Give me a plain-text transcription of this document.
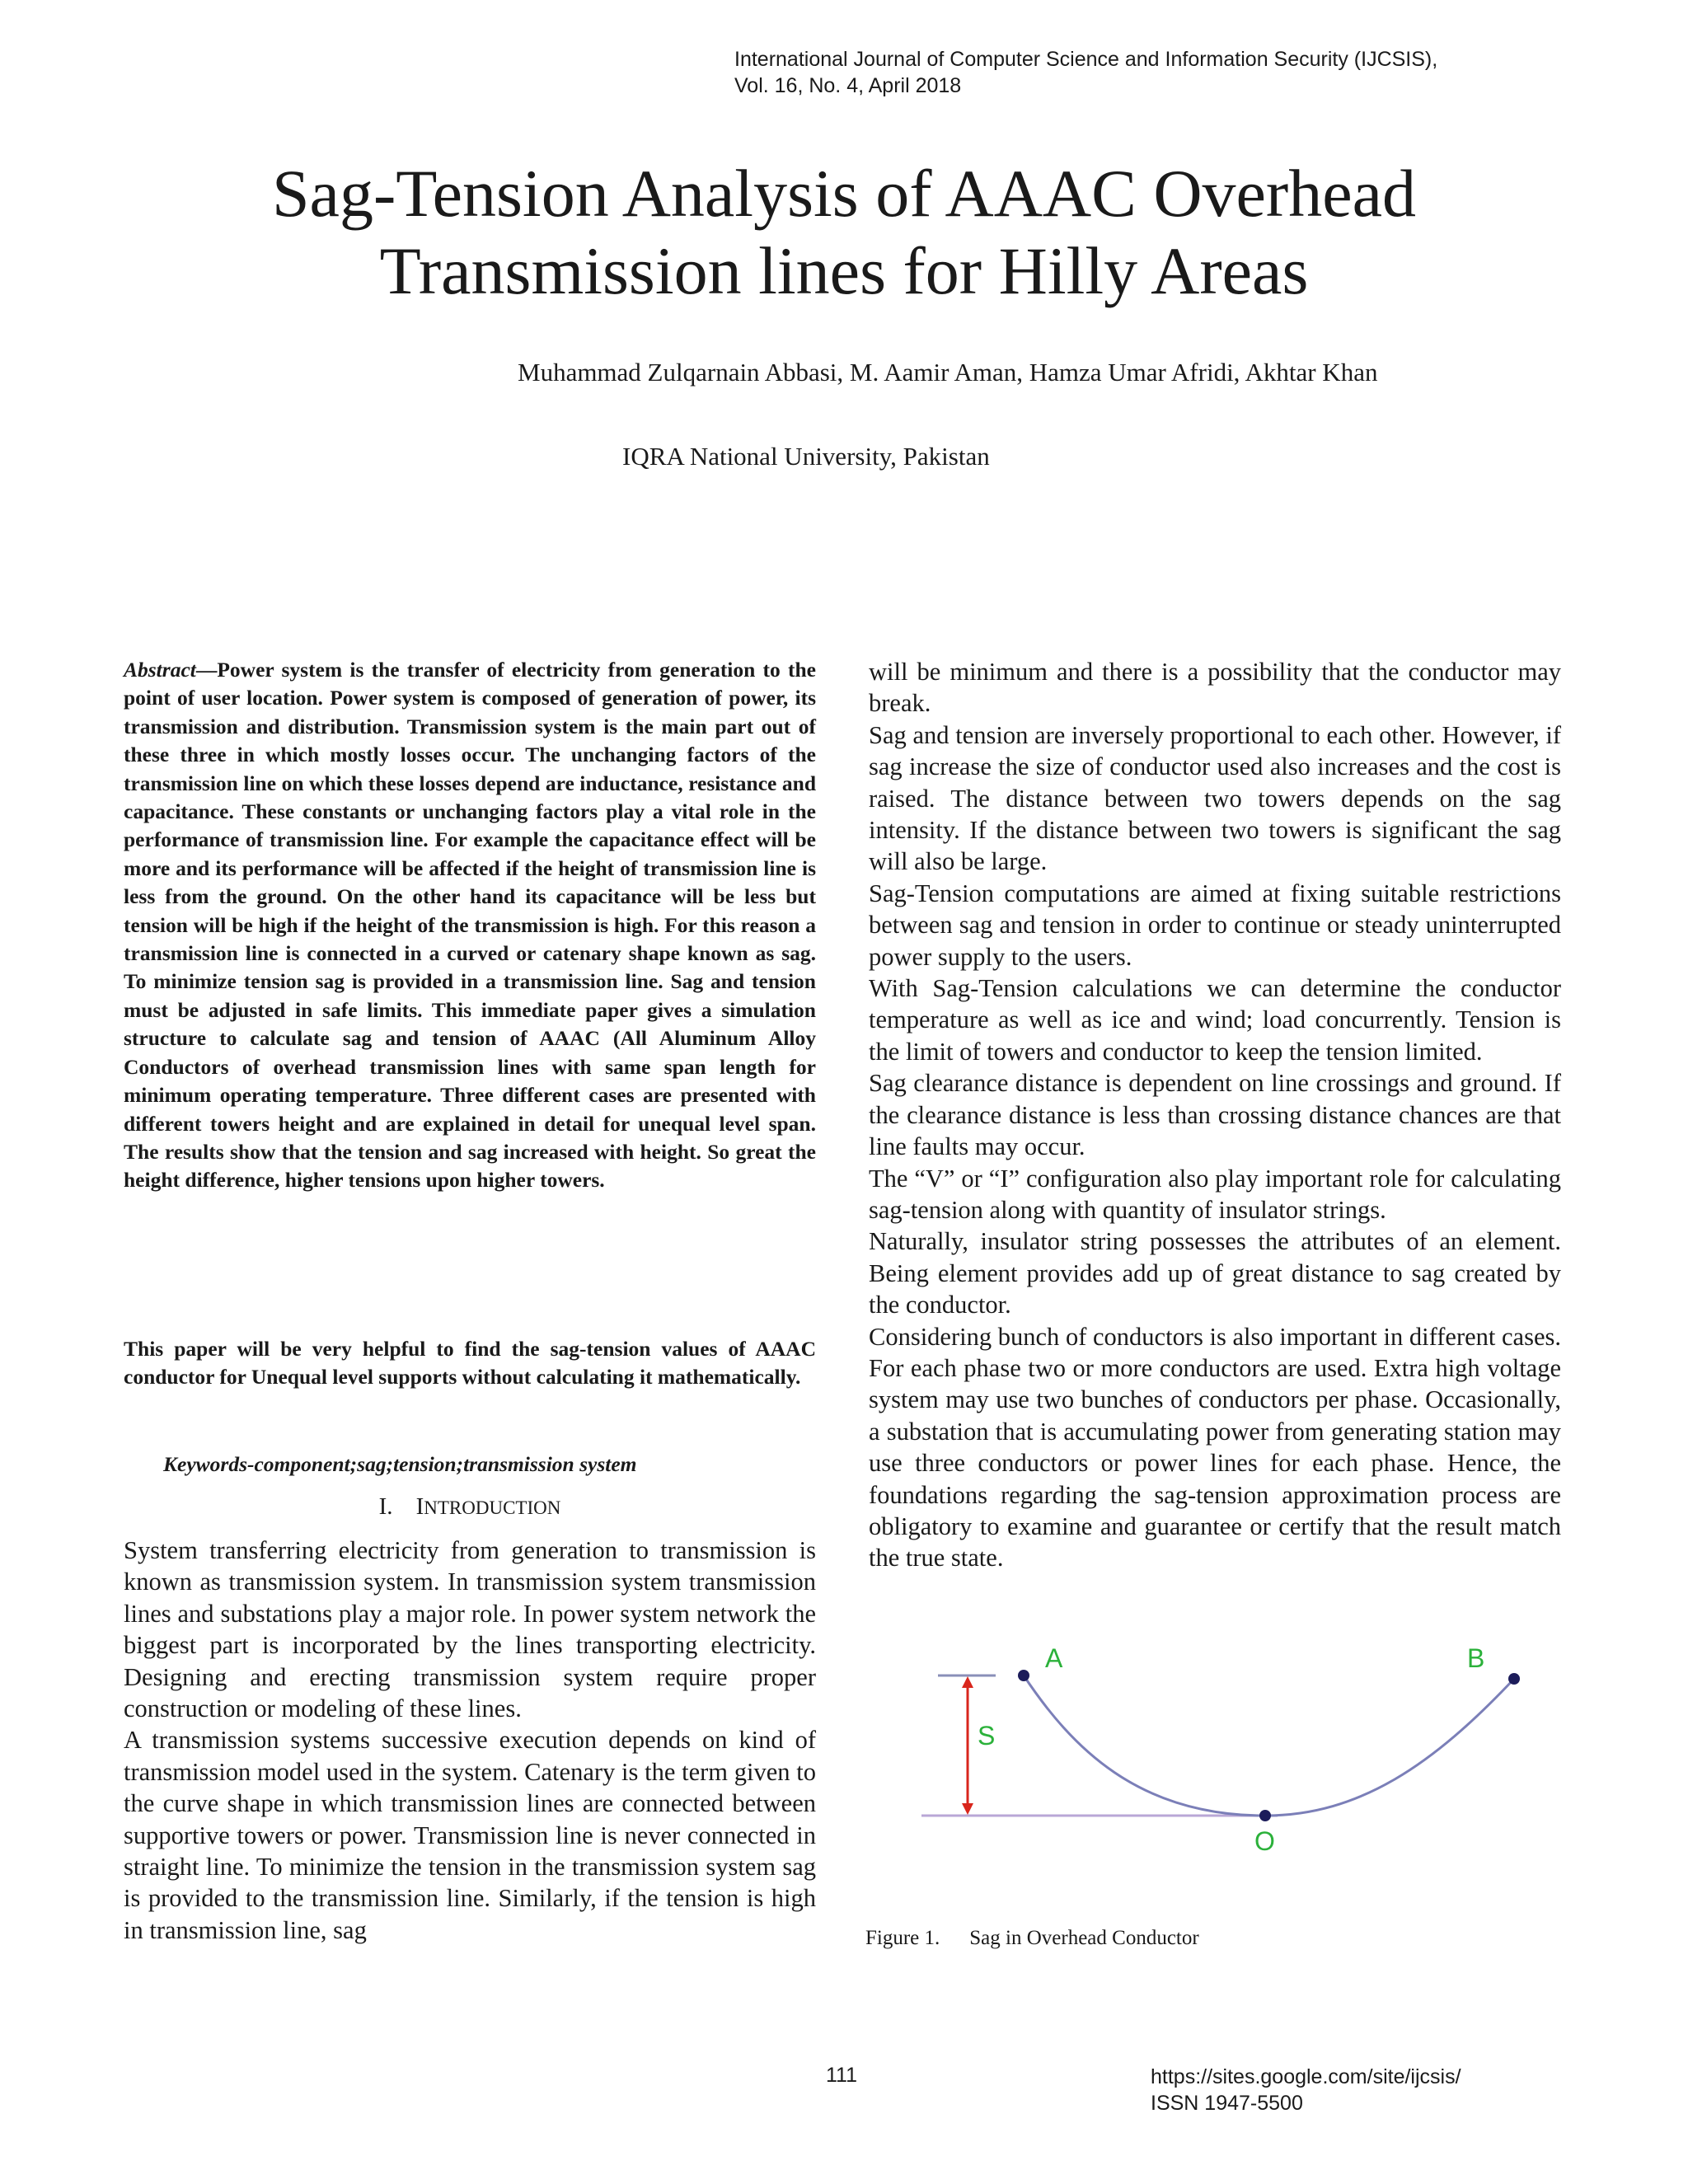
International Journal of Computer Science and Information Security (IJCSIS),
Vol. 16, No. 4, April 2018
Sag-Tension Analysis of AAAC Overhead
Transmission lines for Hilly Areas
Muhammad Zulqarnain Abbasi, M. Aamir Aman, Hamza Umar Afridi, Akhtar Khan
IQRA National University, Pakistan

Abstract—Power system is the transfer of electricity from generation to the point of user location. Power system is composed of generation of power, its transmission and distribution. Transmission system is the main part out of these three in which mostly losses occur. The unchanging factors of the transmission line on which these losses depend are inductance, resistance and capacitance. These constants or unchanging factors play a vital role in the performance of transmission line. For example the capacitance effect will be more and its performance will be affected if the height of transmission line is less from the ground. On the other hand its capacitance will be less but tension will be high if the height of the transmission is high. For this reason a transmission line is connected in a curved or catenary shape known as sag. To minimize tension sag is provided in a transmission line. Sag and tension must be adjusted in safe limits. This immediate paper gives a simulation structure to calculate sag and tension of AAAC (All Aluminum Alloy Conductors of overhead transmission lines with same span length for minimum operating temperature. Three different cases are presented with different towers height and are explained in detail for unequal level span. The results show that the tension and sag increased with height. So great the height difference, higher tensions upon higher towers.

This paper will be very helpful to find the sag-tension values of AAAC conductor for Unequal level supports without calculating it mathematically.

Keywords-component;sag;tension;transmission system
I. INTRODUCTION

System transferring electricity from generation to transmission is known as transmission system. In transmission system transmission lines and substations play a major role. In power system network the biggest part is incorporated by the lines transporting electricity. Designing and erecting transmission system require proper construction or modeling of these lines.

A transmission systems successive execution depends on kind of transmission model used in the system. Catenary is the term given to the curve shape in which transmission lines are connected between supportive towers or power. Transmission line is never connected in straight line. To minimize the tension in the transmission system sag is provided to the transmission line. Similarly, if the tension is high in transmission line, sag

will be minimum and there is a possibility that the conductor may break.

Sag and tension are inversely proportional to each other. However, if sag increase the size of conductor used also increases and the cost is raised. The distance between two towers depends on the sag intensity. If the distance between two towers is significant the sag will also be large.

Sag-Tension computations are aimed at fixing suitable restrictions between sag and tension in order to continue or steady uninterrupted power supply to the users.

With Sag-Tension calculations we can determine the conductor temperature as well as ice and wind; load concurrently. Tension is the limit of towers and conductor to keep the tension limited.

Sag clearance distance is dependent on line crossings and ground. If the clearance distance is less than crossing distance chances are that line faults may occur.

The “V” or “I” configuration also play important role for calculating sag-tension along with quantity of insulator strings.

Naturally, insulator string possesses the attributes of an element. Being element provides add up of great distance to sag created by the conductor.

Considering bunch of conductors is also important in different cases. For each phase two or more conductors are used. Extra high voltage system may use two bunches of conductors per phase. Occasionally, a substation that is accumulating power from generating station may use three conductors or power lines for each phase. Hence, the foundations regarding the sag-tension approximation process are obligatory to examine and guarantee or certify that the result match the true state.

A	B
S
O
Figure 1. Sag in Overhead Conductor
111	https://sites.google.com/site/ijcsis/
ISSN 1947-5500
